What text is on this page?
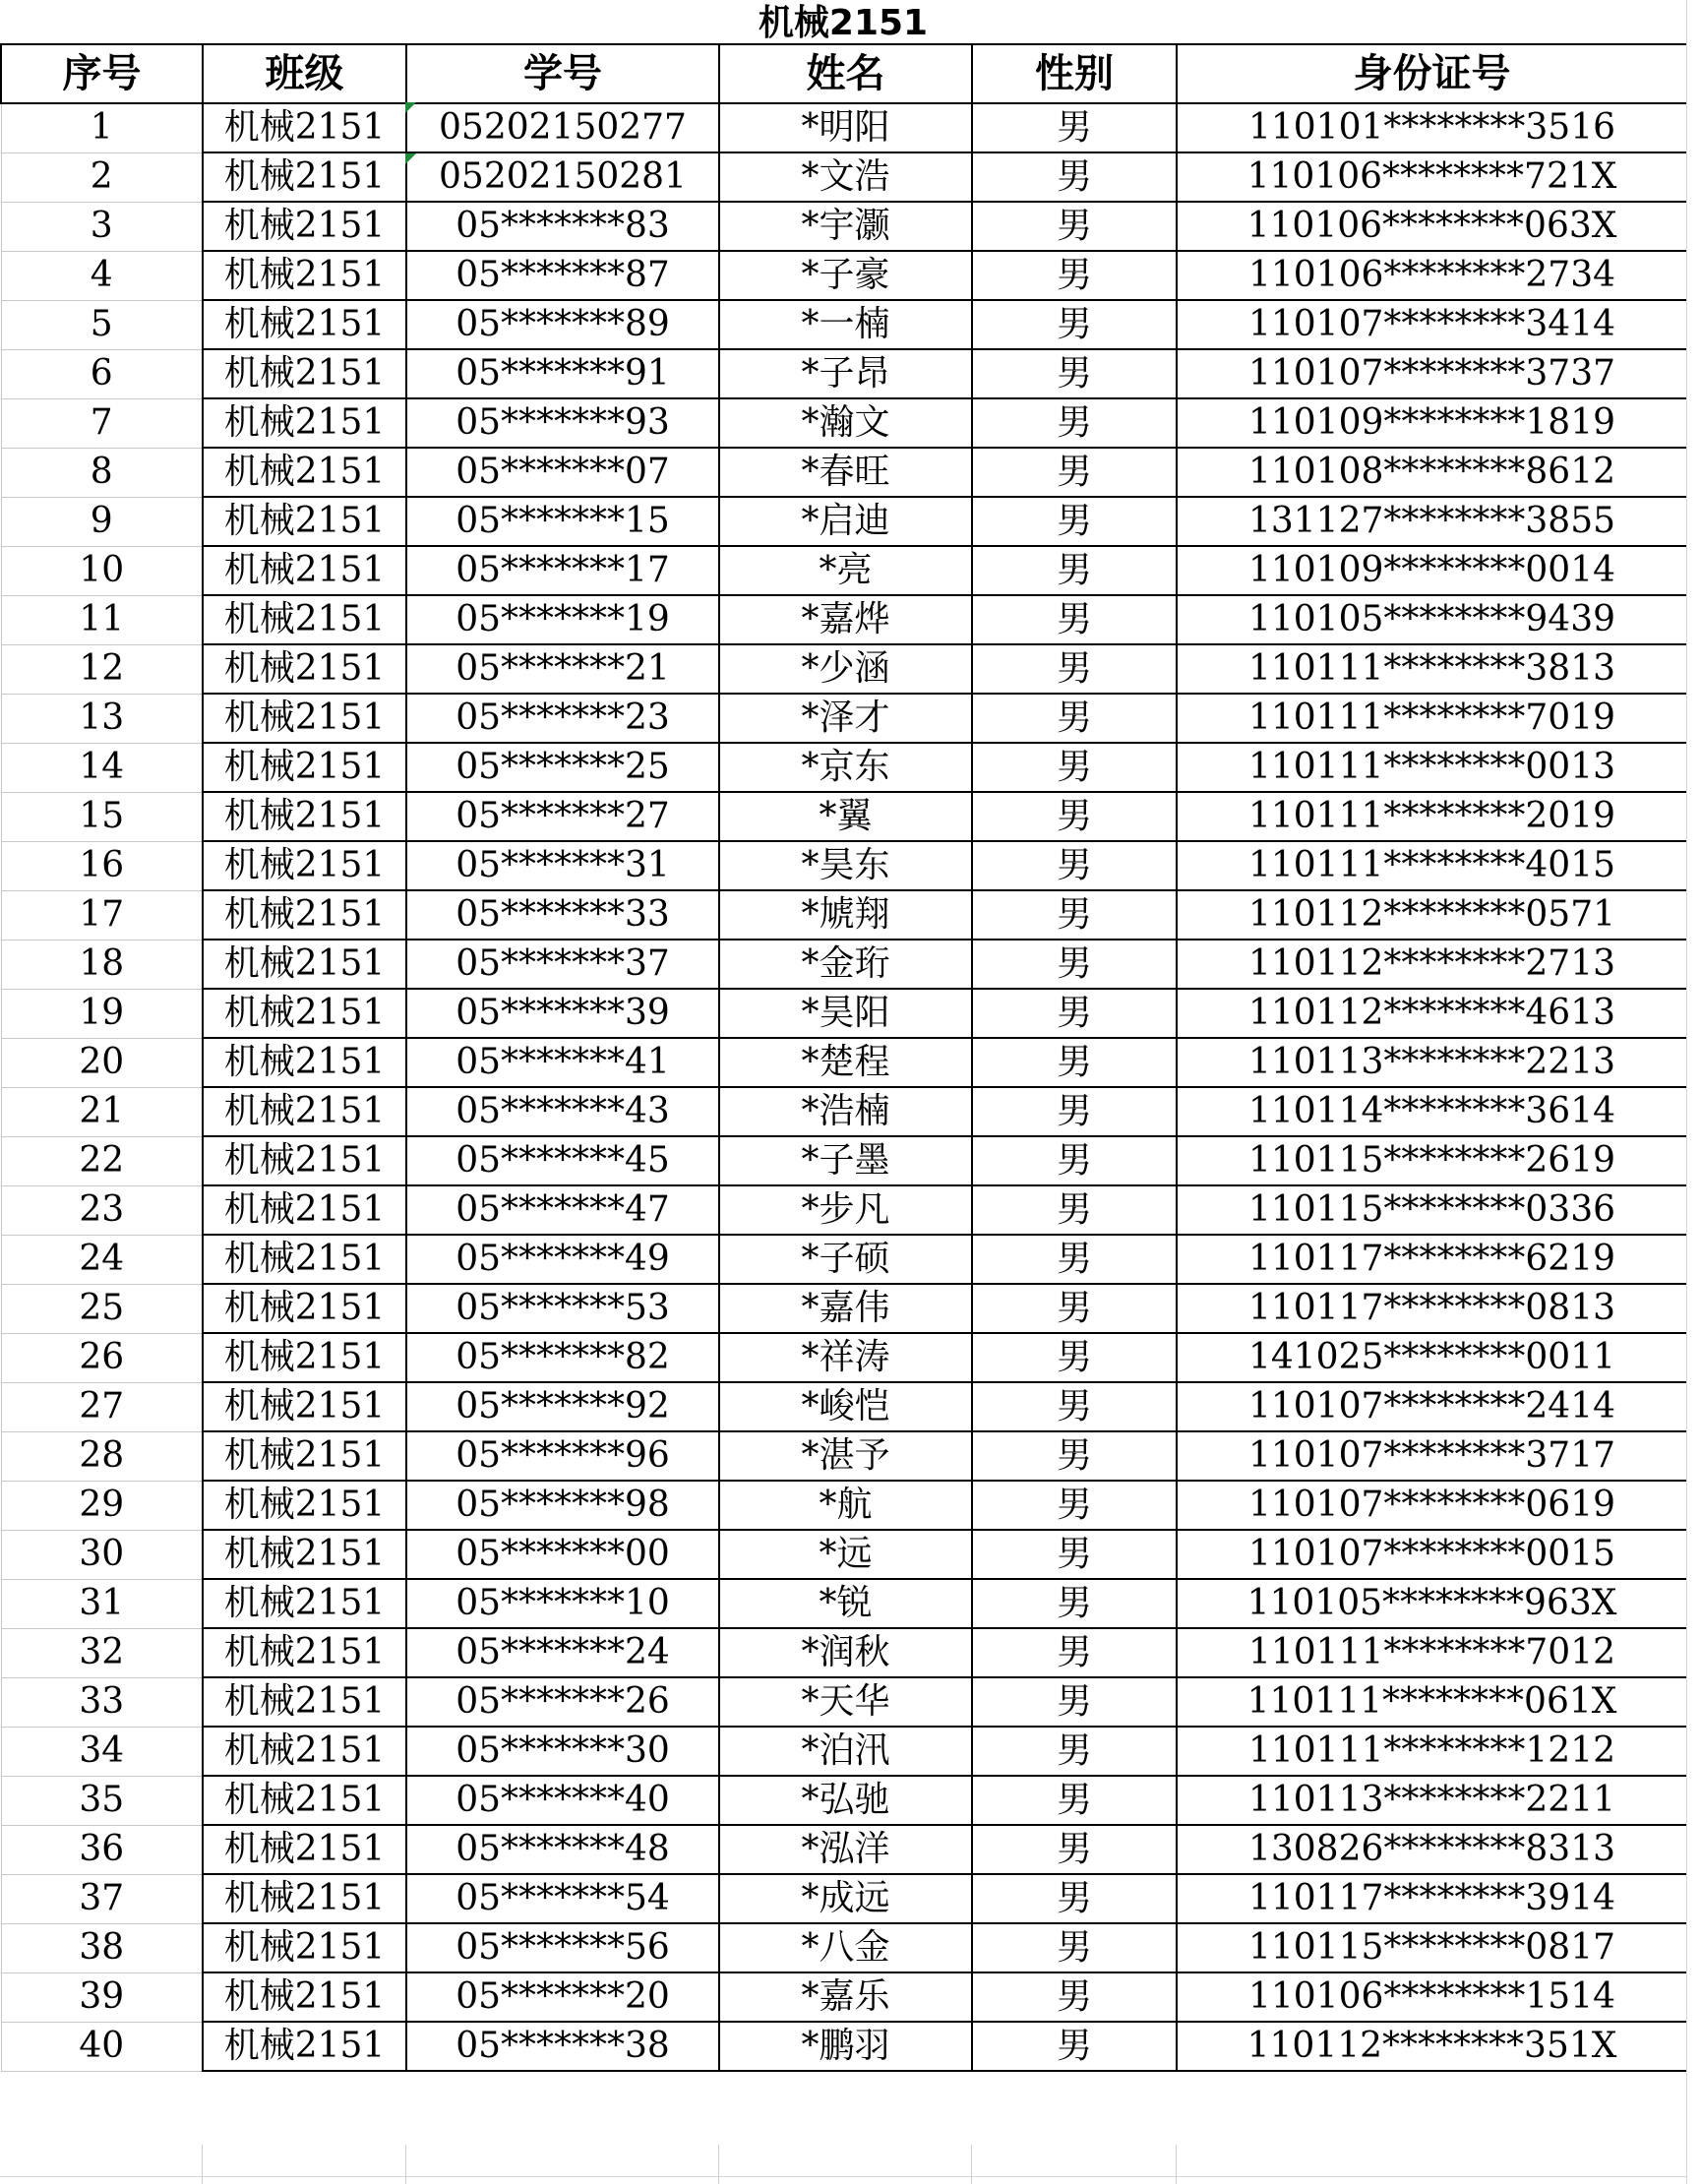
机械2151
序号	班级	学号	姓名	性别	身份证号
1	机械2151	05202150277	*明阳	男	110101********3516
2	机械2151	05202150281	*文浩	男	110106********721X
3	机械2151	05*******83	*宇灏	男	110106********063X
4	机械2151	05*******87	*子豪	男	110106********2734
5	机械2151	05*******89	*一楠	男	110107********3414
6	机械2151	05*******91	*子昂	男	110107********3737
7	机械2151	05*******93	*瀚文	男	110109********1819
8	机械2151	05*******07	*春旺	男	110108********8612
9	机械2151	05*******15	*启迪	男	131127********3855
10	机械2151	05*******17	*亮	男	110109********0014
11	机械2151	05*******19	*嘉烨	男	110105********9439
12	机械2151	05*******21	*少涵	男	110111********3813
13	机械2151	05*******23	*泽才	男	110111********7019
14	机械2151	05*******25	*京东	男	110111********0013
15	机械2151	05*******27	*翼	男	110111********2019
16	机械2151	05*******31	*昊东	男	110111********4015
17	机械2151	05*******33	*虓翔	男	110112********0571
18	机械2151	05*******37	*金珩	男	110112********2713
19	机械2151	05*******39	*昊阳	男	110112********4613
20	机械2151	05*******41	*楚程	男	110113********2213
21	机械2151	05*******43	*浩楠	男	110114********3614
22	机械2151	05*******45	*子墨	男	110115********2619
23	机械2151	05*******47	*步凡	男	110115********0336
24	机械2151	05*******49	*子硕	男	110117********6219
25	机械2151	05*******53	*嘉伟	男	110117********0813
26	机械2151	05*******82	*祥涛	男	141025********0011
27	机械2151	05*******92	*峻恺	男	110107********2414
28	机械2151	05*******96	*湛予	男	110107********3717
29	机械2151	05*******98	*航	男	110107********0619
30	机械2151	05*******00	*远	男	110107********0015
31	机械2151	05*******10	*锐	男	110105********963X
32	机械2151	05*******24	*润秋	男	110111********7012
33	机械2151	05*******26	*天华	男	110111********061X
34	机械2151	05*******30	*泊汛	男	110111********1212
35	机械2151	05*******40	*弘驰	男	110113********2211
36	机械2151	05*******48	*泓洋	男	130826********8313
37	机械2151	05*******54	*成远	男	110117********3914
38	机械2151	05*******56	*八金	男	110115********0817
39	机械2151	05*******20	*嘉乐	男	110106********1514
40	机械2151	05*******38	*鹏羽	男	110112********351X
